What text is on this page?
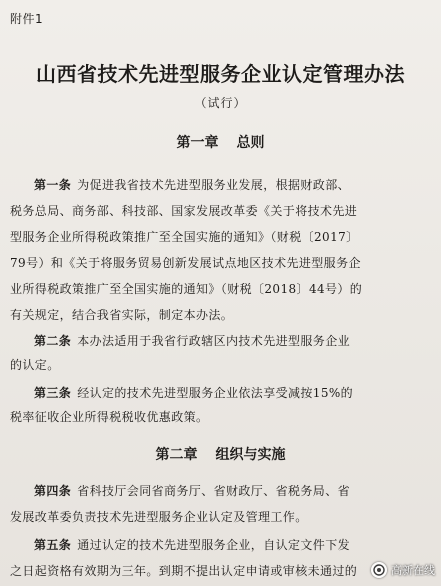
附件1
山西省技术先进型服务企业认定管理办法
（试行）
第一章 总则
第一条 为促进我省技术先进型服务业发展，根据财政部、
税务总局、商务部、科技部、国家发展改革委《关于将技术先进
型服务企业所得税政策推广至全国实施的通知》（财税〔2017〕
79号）和《关于将服务贸易创新发展试点地区技术先进型服务企
业所得税政策推广至全国实施的通知》（财税〔2018〕44号）的
有关规定，结合我省实际，制定本办法。
第二条 本办法适用于我省行政辖区内技术先进型服务企业
的认定。
第三条 经认定的技术先进型服务企业依法享受减按15%的
税率征收企业所得税税收优惠政策。
第二章 组织与实施
第四条 省科技厅会同省商务厅、省财政厅、省税务局、省
发展改革委负责技术先进型服务企业认定及管理工作。
第五条 通过认定的技术先进型服务企业，自认定文件下发
之日起资格有效期为三年。到期不提出认定申请或审核未通过的	高新在线
